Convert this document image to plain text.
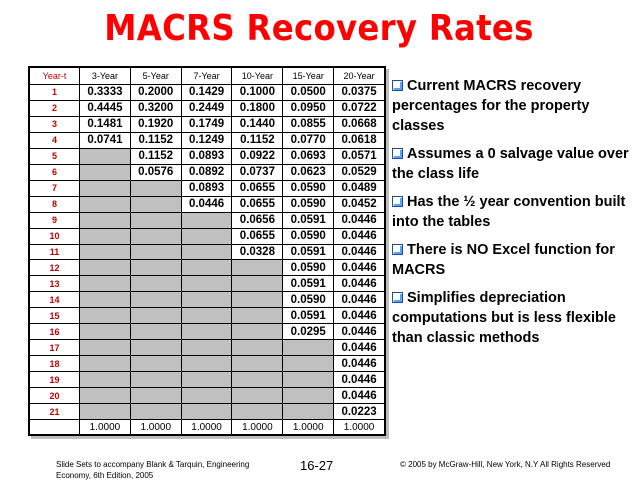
MACRS Recovery Rates
Year-t	3-Year	5-Year	7-Year	10-Year	15-Year	20-Year
1	0.3333	0.2000	0.1429	0.1000	0.0500	0.0375
2	0.4445	0.3200	0.2449	0.1800	0.0950	0.0722
3	0.1481	0.1920	0.1749	0.1440	0.0855	0.0668
4	0.0741	0.1152	0.1249	0.1152	0.0770	0.0618
5		0.1152	0.0893	0.0922	0.0693	0.0571
6		0.0576	0.0892	0.0737	0.0623	0.0529
7			0.0893	0.0655	0.0590	0.0489
8			0.0446	0.0655	0.0590	0.0452
9				0.0656	0.0591	0.0446
10				0.0655	0.0590	0.0446
11				0.0328	0.0591	0.0446
12					0.0590	0.0446
13					0.0591	0.0446
14					0.0590	0.0446
15					0.0591	0.0446
16					0.0295	0.0446
17						0.0446
18						0.0446
19						0.0446
20						0.0446
21						0.0223
	1.0000	1.0000	1.0000	1.0000	1.0000	1.0000
Current MACRS recovery percentages for the property classes
Assumes a 0 salvage value over the class life
Has the ½ year convention built into the tables
There is NO Excel function for MACRS
Simplifies depreciation computations but is less flexible than classic methods
Slide Sets to accompany Blank & Tarquin, Engineering Economy, 6th Edition, 2005
16-27	© 2005 by McGraw-Hill, New York, N.Y All Rights Reserved
